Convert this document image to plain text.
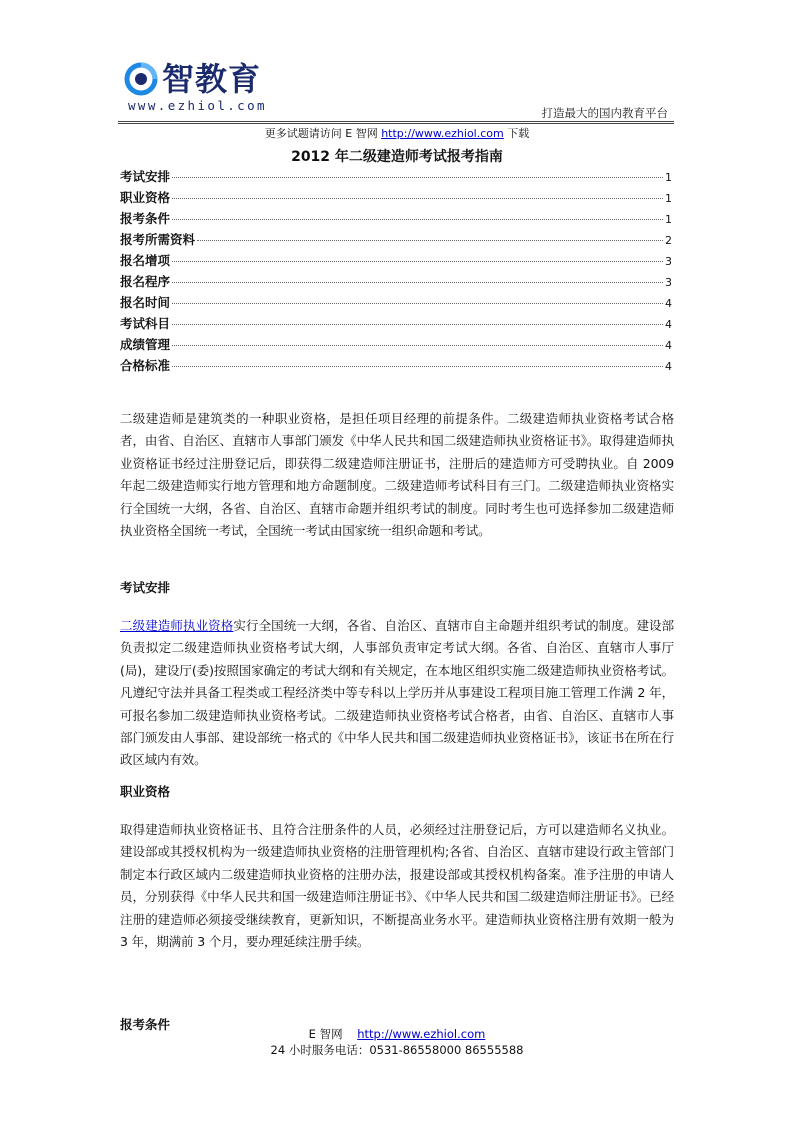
智教育
www.ezhiol.com	打造最大的国内教育平台
更多试题请访问 E 智网 http://www.ezhiol.com 下载
2012 年二级建造师考试报考指南
考试安排	1
职业资格	1
报考条件	1
报考所需资料	2
报名增项	3
报名程序	3
报名时间	4
考试科目	4
成绩管理	4
合格标准	4

二级建造师是建筑类的一种职业资格，是担任项目经理的前提条件。二级建造师执业资格考试合格者，由省、自治区、直辖市人事部门颁发《中华人民共和国二级建造师执业资格证书》。取得建造师执业资格证书经过注册登记后，即获得二级建造师注册证书，注册后的建造师方可受聘执业。自 2009 年起二级建造师实行地方管理和地方命题制度。二级建造师考试科目有三门。二级建造师执业资格实行全国统一大纲，各省、自治区、直辖市命题并组织考试的制度。同时考生也可选择参加二级建造师执业资格全国统一考试，全国统一考试由国家统一组织命题和考试。

考试安排

二级建造师执业资格实行全国统一大纲，各省、自治区、直辖市自主命题并组织考试的制度。建设部负责拟定二级建造师执业资格考试大纲，人事部负责审定考试大纲。各省、自治区、直辖市人事厅(局)，建设厅(委)按照国家确定的考试大纲和有关规定，在本地区组织实施二级建造师执业资格考试。凡遵纪守法并具备工程类或工程经济类中等专科以上学历并从事建设工程项目施工管理工作满 2 年，可报名参加二级建造师执业资格考试。二级建造师执业资格考试合格者，由省、自治区、直辖市人事部门颁发由人事部、建设部统一格式的《中华人民共和国二级建造师执业资格证书》，该证书在所在行政区域内有效。

职业资格

取得建造师执业资格证书、且符合注册条件的人员，必须经过注册登记后，方可以建造师名义执业。建设部或其授权机构为一级建造师执业资格的注册管理机构;各省、自治区、直辖市建设行政主管部门制定本行政区域内二级建造师执业资格的注册办法，报建设部或其授权机构备案。准予注册的申请人员，分别获得《中华人民共和国一级建造师注册证书》、《中华人民共和国二级建造师注册证书》。已经注册的建造师必须接受继续教育，更新知识，不断提高业务水平。建造师执业资格注册有效期一般为 3 年，期满前 3 个月，要办理延续注册手续。

报考条件
E 智网 http://www.ezhiol.com
24 小时服务电话：0531-86558000 86555588
